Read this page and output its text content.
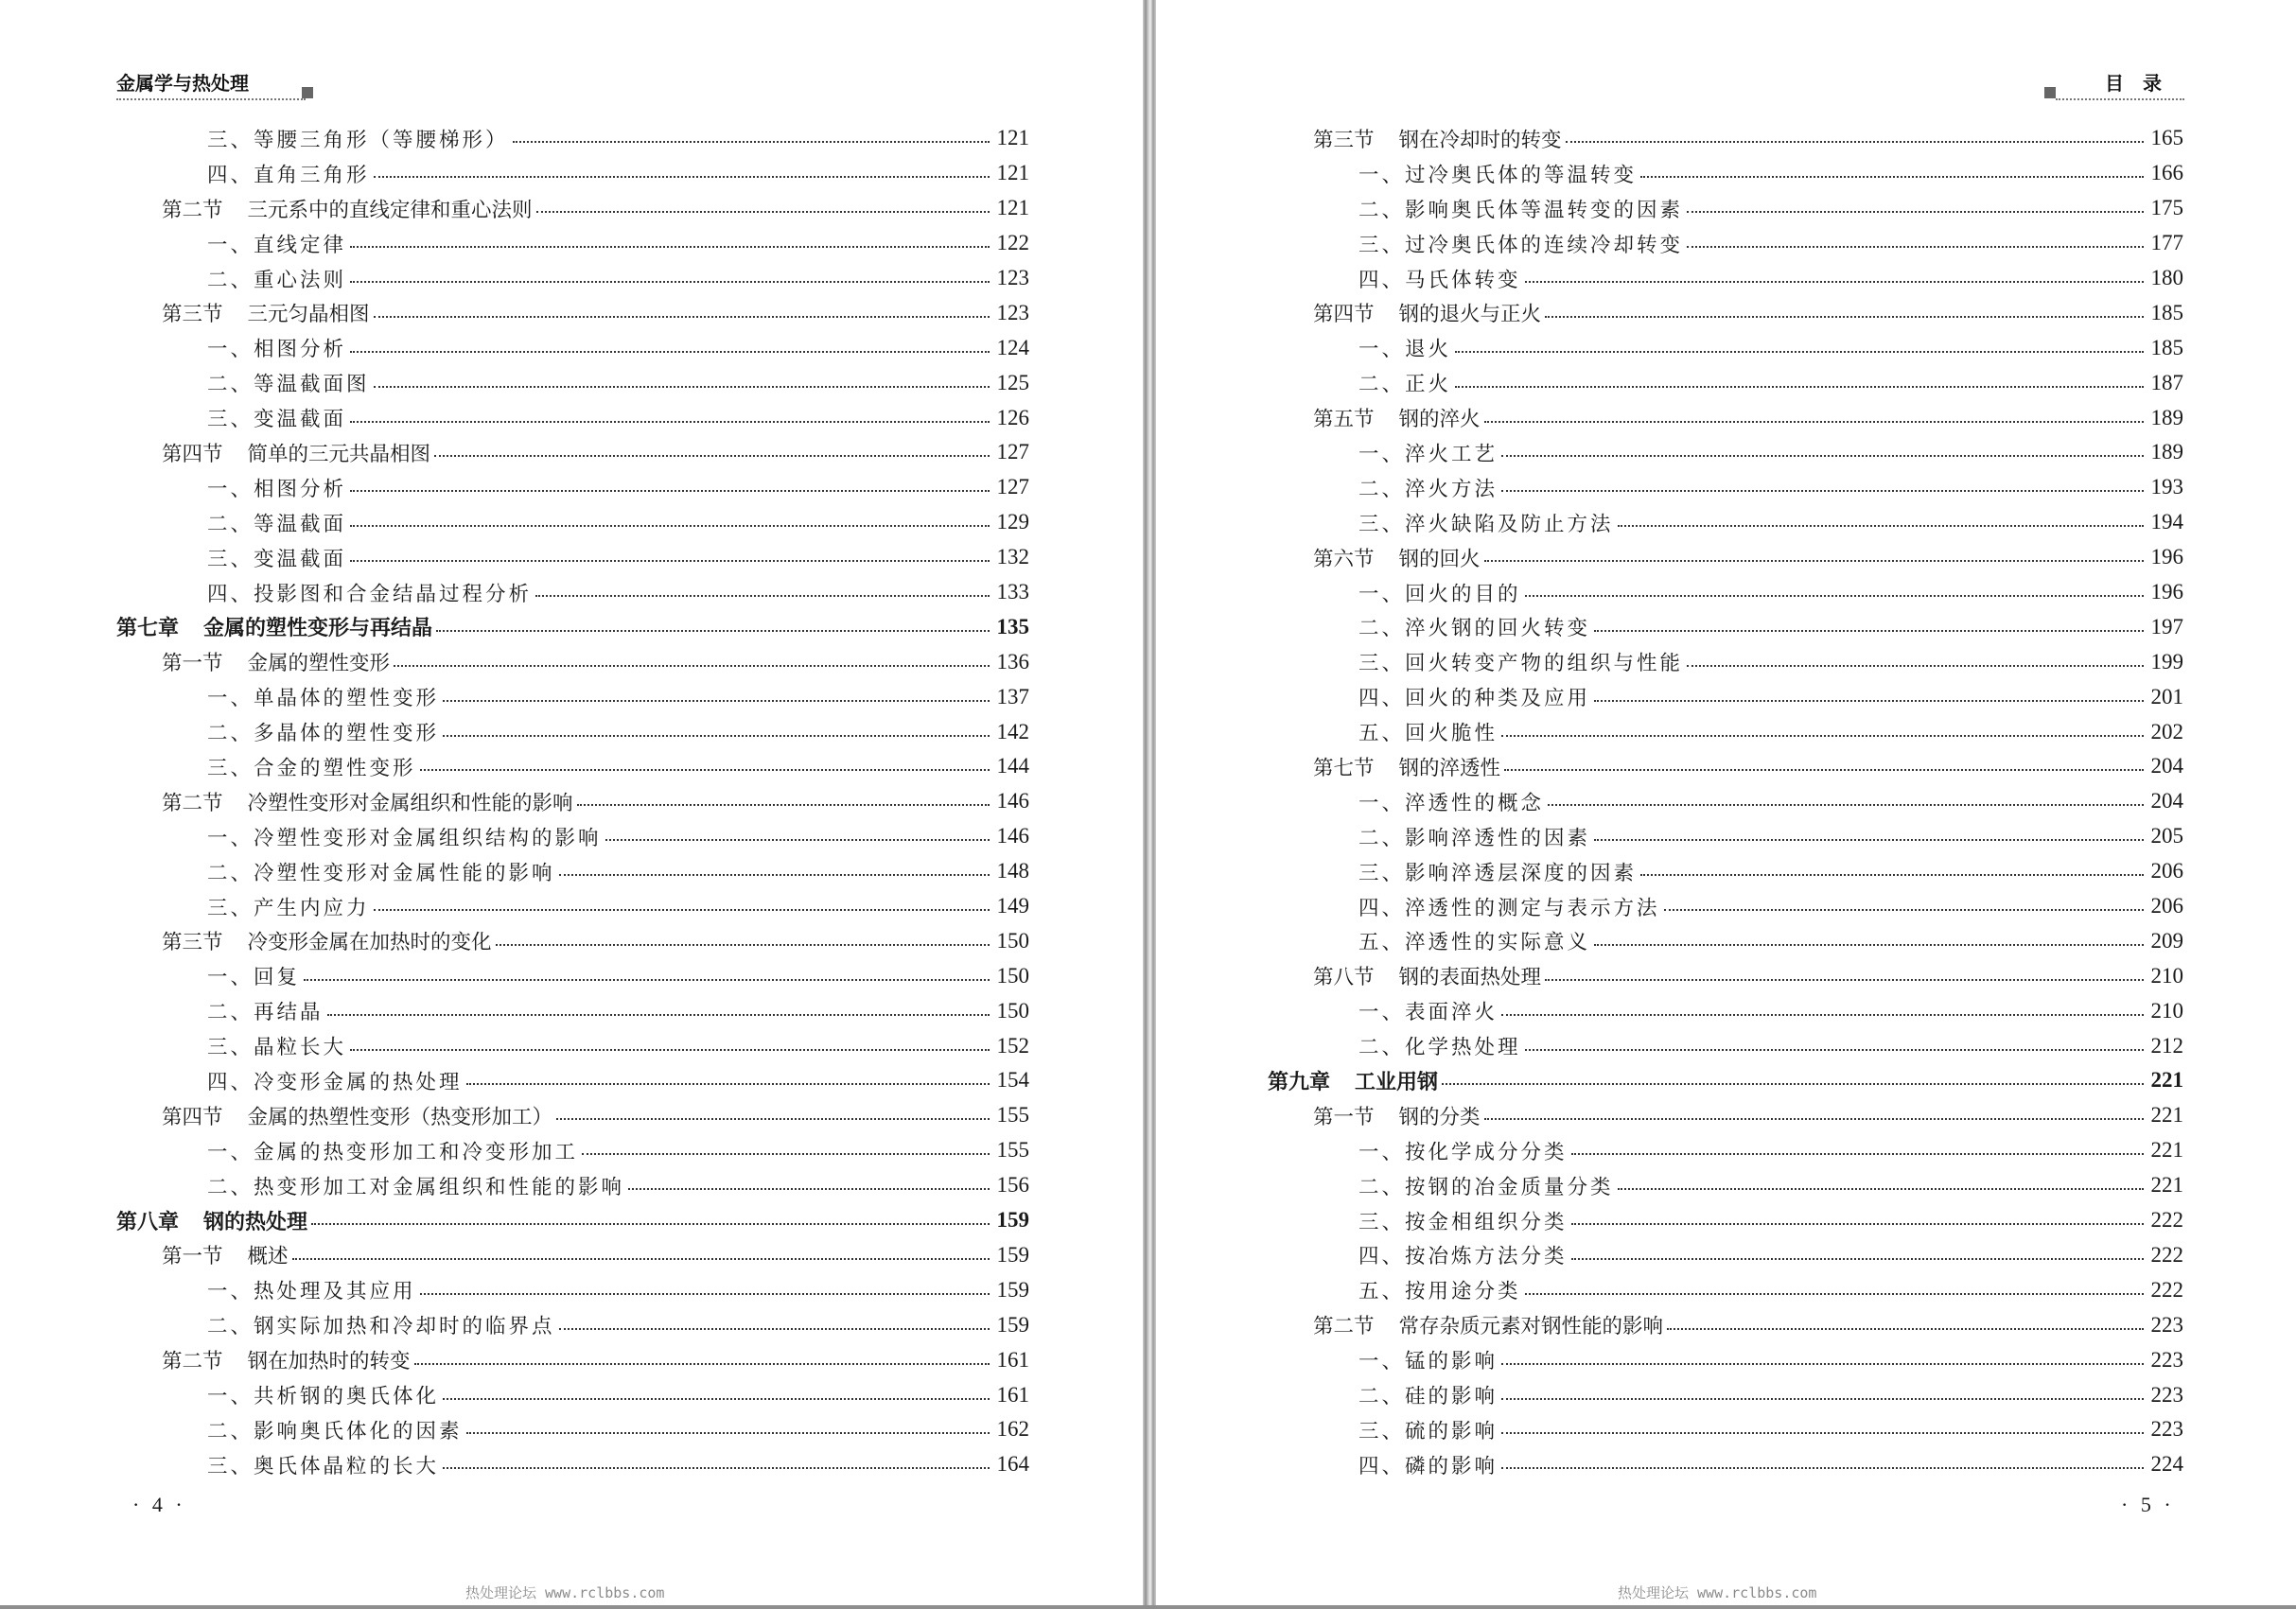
金属学与热处理
三、 等腰三角形（等腰梯形）	121
四、 直角三角形	121
第二节 三元系中的直线定律和重心法则	121
一、 直线定律	122
二、 重心法则	123
第三节 三元匀晶相图	123
一、 相图分析	124
二、 等温截面图	125
三、 变温截面	126
第四节 简单的三元共晶相图	127
一、 相图分析	127
二、 等温截面	129
三、 变温截面	132
四、 投影图和合金结晶过程分析	133
第七章 金属的塑性变形与再结晶	135
第一节 金属的塑性变形	136
一、 单晶体的塑性变形	137
二、 多晶体的塑性变形	142
三、 合金的塑性变形	144
第二节 冷塑性变形对金属组织和性能的影响	146
一、 冷塑性变形对金属组织结构的影响	146
二、 冷塑性变形对金属性能的影响	148
三、 产生内应力	149
第三节 冷变形金属在加热时的变化	150
一、 回复	150
二、 再结晶	150
三、 晶粒长大	152
四、 冷变形金属的热处理	154
第四节 金属的热塑性变形（热变形加工）	155
一、 金属的热变形加工和冷变形加工	155
二、 热变形加工对金属组织和性能的影响	156
第八章 钢的热处理	159
第一节 概述	159
一、 热处理及其应用	159
二、 钢实际加热和冷却时的临界点	159
第二节 钢在加热时的转变	161
一、 共析钢的奥氏体化	161
二、 影响奥氏体化的因素	162
三、 奥氏体晶粒的长大	164
· 4 ·
热处理论坛 www.rclbbs.com
目　录
第三节 钢在冷却时的转变	165
一、 过冷奥氏体的等温转变	166
二、 影响奥氏体等温转变的因素	175
三、 过冷奥氏体的连续冷却转变	177
四、 马氏体转变	180
第四节 钢的退火与正火	185
一、 退火	185
二、 正火	187
第五节 钢的淬火	189
一、 淬火工艺	189
二、 淬火方法	193
三、 淬火缺陷及防止方法	194
第六节 钢的回火	196
一、 回火的目的	196
二、 淬火钢的回火转变	197
三、 回火转变产物的组织与性能	199
四、 回火的种类及应用	201
五、 回火脆性	202
第七节 钢的淬透性	204
一、 淬透性的概念	204
二、 影响淬透性的因素	205
三、 影响淬透层深度的因素	206
四、 淬透性的测定与表示方法	206
五、 淬透性的实际意义	209
第八节 钢的表面热处理	210
一、 表面淬火	210
二、 化学热处理	212
第九章 工业用钢	221
第一节 钢的分类	221
一、 按化学成分分类	221
二、 按钢的冶金质量分类	221
三、 按金相组织分类	222
四、 按冶炼方法分类	222
五、 按用途分类	222
第二节 常存杂质元素对钢性能的影响	223
一、 锰的影响	223
二、 硅的影响	223
三、 硫的影响	223
四、 磷的影响	224
· 5 ·
热处理论坛 www.rclbbs.com
